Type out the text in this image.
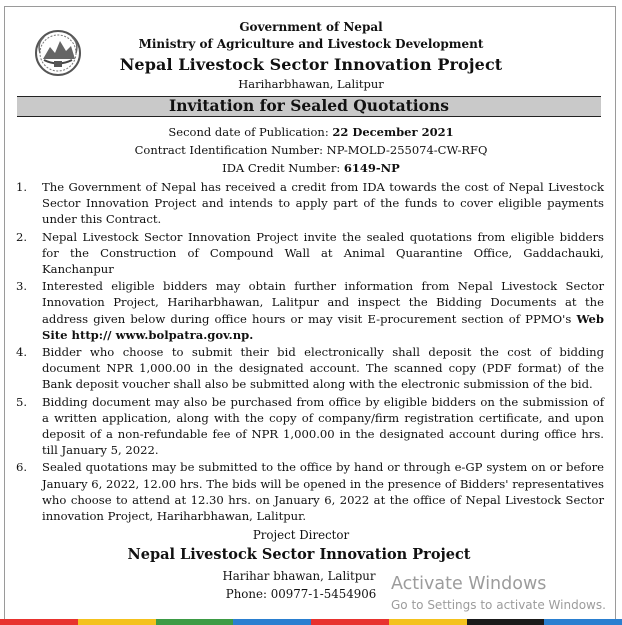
Government of Nepal
Ministry of Agriculture and Livestock Development
Nepal Livestock Sector Innovation Project
Hariharbhawan, Lalitpur
Invitation for Sealed Quotations
Second date of Publication: 22 December 2021
Contract Identification Number: NP-MOLD-255074-CW-RFQ
IDA Credit Number: 6149-NP
1. The Government of Nepal has received a credit from IDA towards the cost of Nepal Livestock Sector Innovation Project and intends to apply part of the funds to cover eligible payments under this Contract.
2. Nepal Livestock Sector Innovation Project invite the sealed quotations from eligible bidders for the Construction of Compound Wall at Animal Quarantine Office, Gaddachauki, Kanchanpur
3. Interested eligible bidders may obtain further information from Nepal Livestock Sector Innovation Project, Hariharbhawan, Lalitpur and inspect the Bidding Documents at the address given below during office hours or may visit E-procurement section of PPMO's Web Site http:// www.bolpatra.gov.np.
4. Bidder who choose to submit their bid electronically shall deposit the cost of bidding document NPR 1,000.00 in the designated account. The scanned copy (PDF format) of the Bank deposit voucher shall also be submitted along with the electronic submission of the bid.
5. Bidding document may also be purchased from office by eligible bidders on the submission of a written application, along with the copy of company/firm registration certificate, and upon deposit of a non-refundable fee of NPR 1,000.00 in the designated account during office hrs. till January 5, 2022.
6. Sealed quotations may be submitted to the office by hand or through e-GP system on or before January 6, 2022, 12.00 hrs. The bids will be opened in the presence of Bidders' representatives who choose to attend at 12.30 hrs. on January 6, 2022 at the office of Nepal Livestock Sector innovation Project, Hariharbhawan, Lalitpur.
Project Director
Nepal Livestock Sector Innovation Project
Harihar bhawan, Lalitpur
Phone: 00977-1-5454906 Activate Windows
Go to Settings to activate Windows.
